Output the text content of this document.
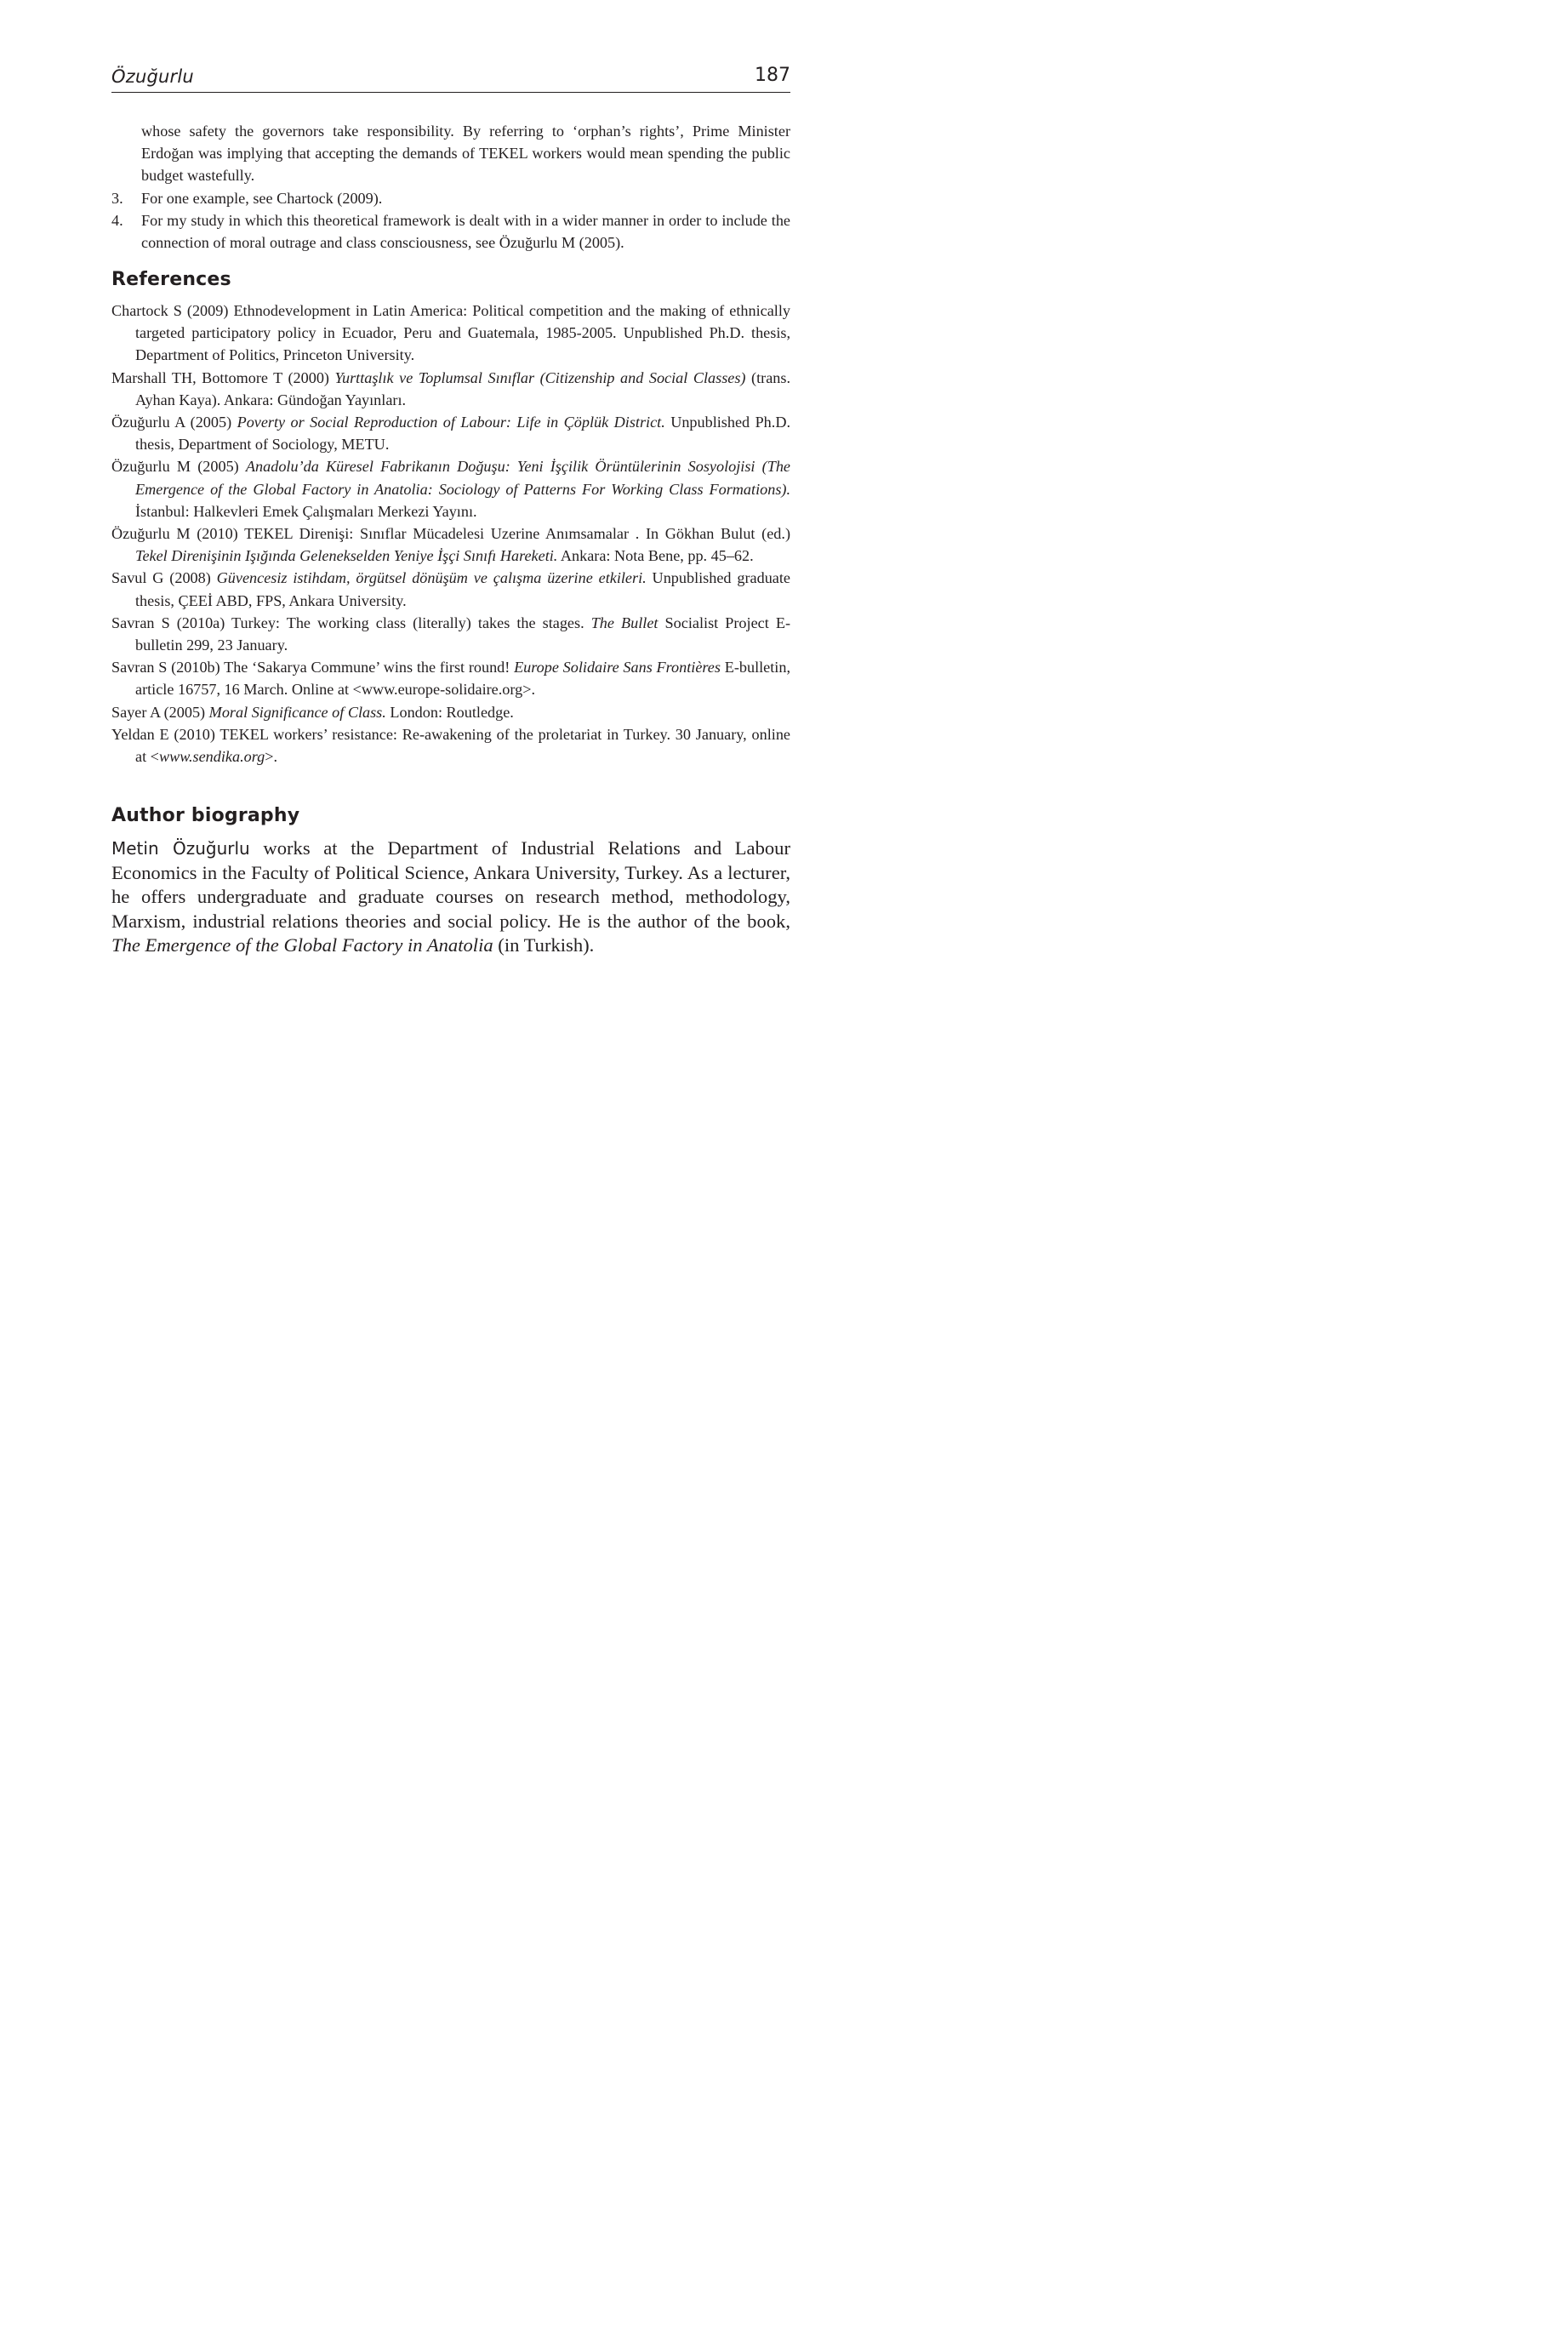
Özuğurlu	187
whose safety the governors take responsibility. By referring to ‘orphan’s rights’, Prime Minister Erdoğan was implying that accepting the demands of TEKEL workers would mean spending the public budget wastefully.
3. For one example, see Chartock (2009).
4. For my study in which this theoretical framework is dealt with in a wider manner in order to include the connection of moral outrage and class consciousness, see Özuğurlu M (2005).
References

Chartock S (2009) Ethnodevelopment in Latin America: Political competition and the making of ethnically targeted participatory policy in Ecuador, Peru and Guatemala, 1985-2005. Unpublished Ph.D. thesis, Department of Politics, Princeton University.

Marshall TH, Bottomore T (2000) Yurttaşlık ve Toplumsal Sınıflar (Citizenship and Social Classes) (trans. Ayhan Kaya). Ankara: Gündoğan Yayınları.

Özuğurlu A (2005) Poverty or Social Reproduction of Labour: Life in Çöplük District. Unpublished Ph.D. thesis, Department of Sociology, METU.

Özuğurlu M (2005) Anadolu’da Küresel Fabrikanın Doğuşu: Yeni İşçilik Örüntülerinin Sosyolojisi (The Emergence of the Global Factory in Anatolia: Sociology of Patterns For Working Class Formations). İstanbul: Halkevleri Emek Çalışmaları Merkezi Yayını.

Özuğurlu M (2010) TEKEL Direnişi: Sınıflar Mücadelesi Uzerine Anımsamalar . In Gökhan Bulut (ed.) Tekel Direnişinin Işığında Gelenekselden Yeniye İşçi Sınıfı Hareketi. Ankara: Nota Bene, pp. 45–62.

Savul G (2008) Güvencesiz istihdam, örgütsel dönüşüm ve çalışma üzerine etkileri. Unpublished graduate thesis, ÇEEİ ABD, FPS, Ankara University.

Savran S (2010a) Turkey: The working class (literally) takes the stages. The Bullet Socialist Project E-bulletin 299, 23 January.

Savran S (2010b) The ‘Sakarya Commune’ wins the first round! Europe Solidaire Sans Frontières E-bulletin, article 16757, 16 March. Online at <www.europe-solidaire.org>.

Sayer A (2005) Moral Significance of Class. London: Routledge.

Yeldan E (2010) TEKEL workers’ resistance: Re-awakening of the proletariat in Turkey. 30 January, online at <www.sendika.org>.

Author biography
Metin Özuğurlu works at the Department of Industrial Relations and Labour Economics in the Faculty of Political Science, Ankara University, Turkey. As a lecturer, he offers undergraduate and graduate courses on research method, methodology, Marxism, industrial relations theories and social policy. He is the author of the book, The Emergence of the Global Factory in Anatolia (in Turkish).
